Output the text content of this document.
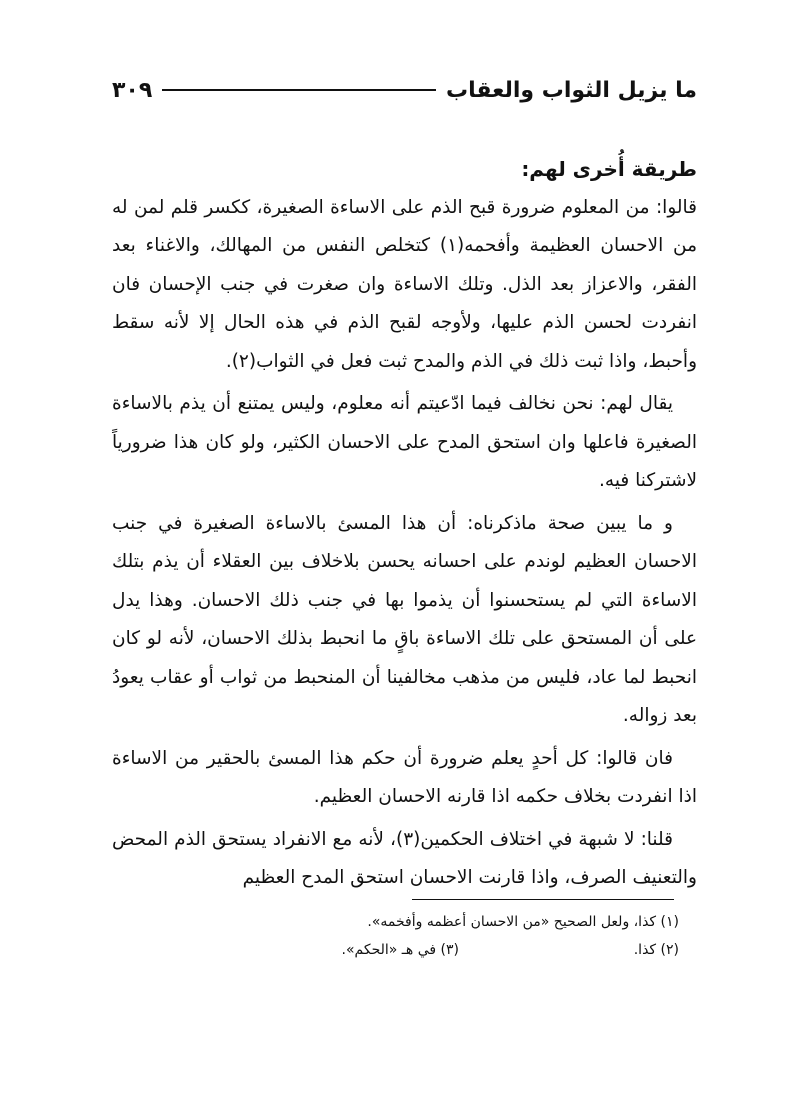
ما يزيل الثواب والعقاب
٣٠٩

طريقة أُخرى لهم:

قالوا: من المعلوم ضرورة قبح الذم على الاساءة الصغيرة، ككسر قلم لمن له من الاحسان العظيمة وأفحمه(١) كتخلص النفس من المهالك، والاغناء بعد الفقر، والاعزاز بعد الذل. وتلك الاساءة وان صغرت في جنب الإحسان فان انفردت لحسن الذم عليها، ولأوجه لقبح الذم في هذه الحال إلا لأنه سقط وأحبط، واذا ثبت ذلك في الذم والمدح ثبت فعل في الثواب(٢).

يقال لهم: نحن نخالف فيما ادّعيتم أنه معلوم، وليس يمتنع أن يذم بالاساءة الصغيرة فاعلها وان استحق المدح على الاحسان الكثير، ولو كان هذا ضرورياً لاشتركنا فيه.

و ما يبين صحة ماذكرناه: أن هذا المسئ بالاساءة الصغيرة في جنب الاحسان العظيم لوندم على احسانه يحسن بلاخلاف بين العقلاء أن يذم بتلك الاساءة التي لم يستحسنوا أن يذموا بها في جنب ذلك الاحسان. وهذا يدل على أن المستحق على تلك الاساءة باقٍ ما انحبط بذلك الاحسان، لأنه لو كان انحبط لما عاد، فليس من مذهب مخالفينا أن المنحبط من ثواب أو عقاب يعودُ بعد زواله.

فان قالوا: كل أحدٍ يعلم ضرورة أن حكم هذا المسئ بالحقير من الاساءة اذا انفردت بخلاف حكمه اذا قارنه الاحسان العظيم.

قلنا: لا شبهة في اختلاف الحكمين(٣)، لأنه مع الانفراد يستحق الذم المحض والتعنيف الصرف، واذا قارنت الاحسان استحق المدح العظيم

(١) كذا، ولعل الصحيح «من الاحسان أعظمه وأفخمه».

(٢) كذا.
(٣) في هـ «الحكم».
